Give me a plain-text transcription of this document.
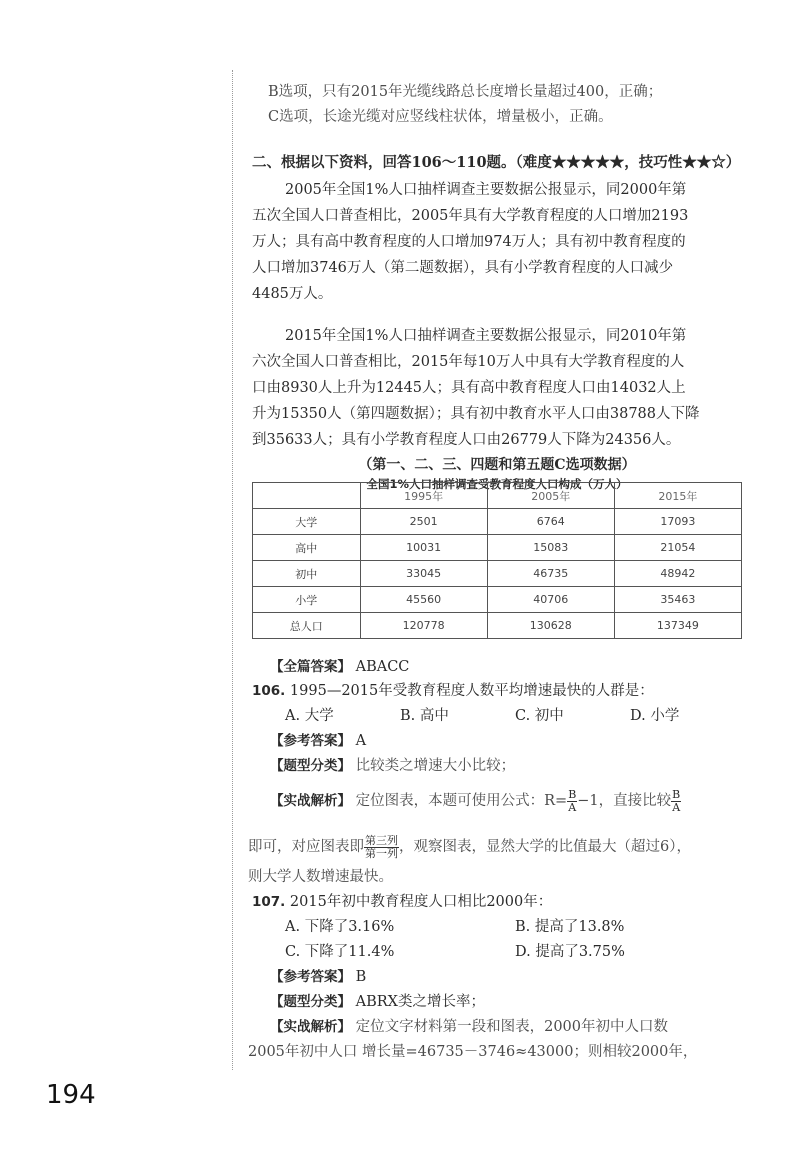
B选项，只有2015年光缆线路总长度增长量超过400，正确；
C选项，长途光缆对应竖线柱状体，增量极小，正确。
二、根据以下资料，回答106～110题。（难度★★★★★，技巧性★★☆）
2005年全国1%人口抽样调查主要数据公报显示，同2000年第
五次全国人口普查相比，2005年具有大学教育程度的人口增加2193
万人；具有高中教育程度的人口增加974万人；具有初中教育程度的
人口增加3746万人（第二题数据），具有小学教育程度的人口减少
4485万人。
2015年全国1%人口抽样调查主要数据公报显示，同2010年第
六次全国人口普查相比，2015年每10万人中具有大学教育程度的人
口由8930人上升为12445人；具有高中教育程度人口由14032人上
升为15350人（第四题数据）；具有初中教育水平人口由38788人下降
到35633人；具有小学教育程度人口由26779人下降为24356人。
（第一、二、三、四题和第五题C选项数据）
全国1%人口抽样调查受教育程度人口构成（万人）
	1995年	2005年	2015年
大学	2501	6764	17093
高中	10031	15083	21054
初中	33045	46735	48942
小学	45560	40706	35463
总人口	120778	130628	137349
【全篇答案】 ABACC
106. 1995—2015年受教育程度人数平均增速最快的人群是：
A. 大学	B. 高中	C. 初中	D. 小学
【参考答案】 A
【题型分类】 比较类之增速大小比较；
【实战解析】 定位图表，本题可使用公式：$R= \frac{B}{A} -1$，直接比较 $\frac{B}{A}$
即可，对应图表即 $\frac{\text{第三列}}{\text{第一列}}$ ，观察图表，显然大学的比值最大（超过6），
则大学人数增速最快。
107. 2015年初中教育程度人口相比2000年：
A. 下降了3.16%	B. 提高了13.8%
C. 下降了11.4%	D. 提高了3.75%
【参考答案】 B
【题型分类】 ABRX类之增长率；
【实战解析】 定位文字材料第一段和图表，2000年初中人口数
2005年初中人口 增长量=46735－3746≈43000；则相较2000年，
194
